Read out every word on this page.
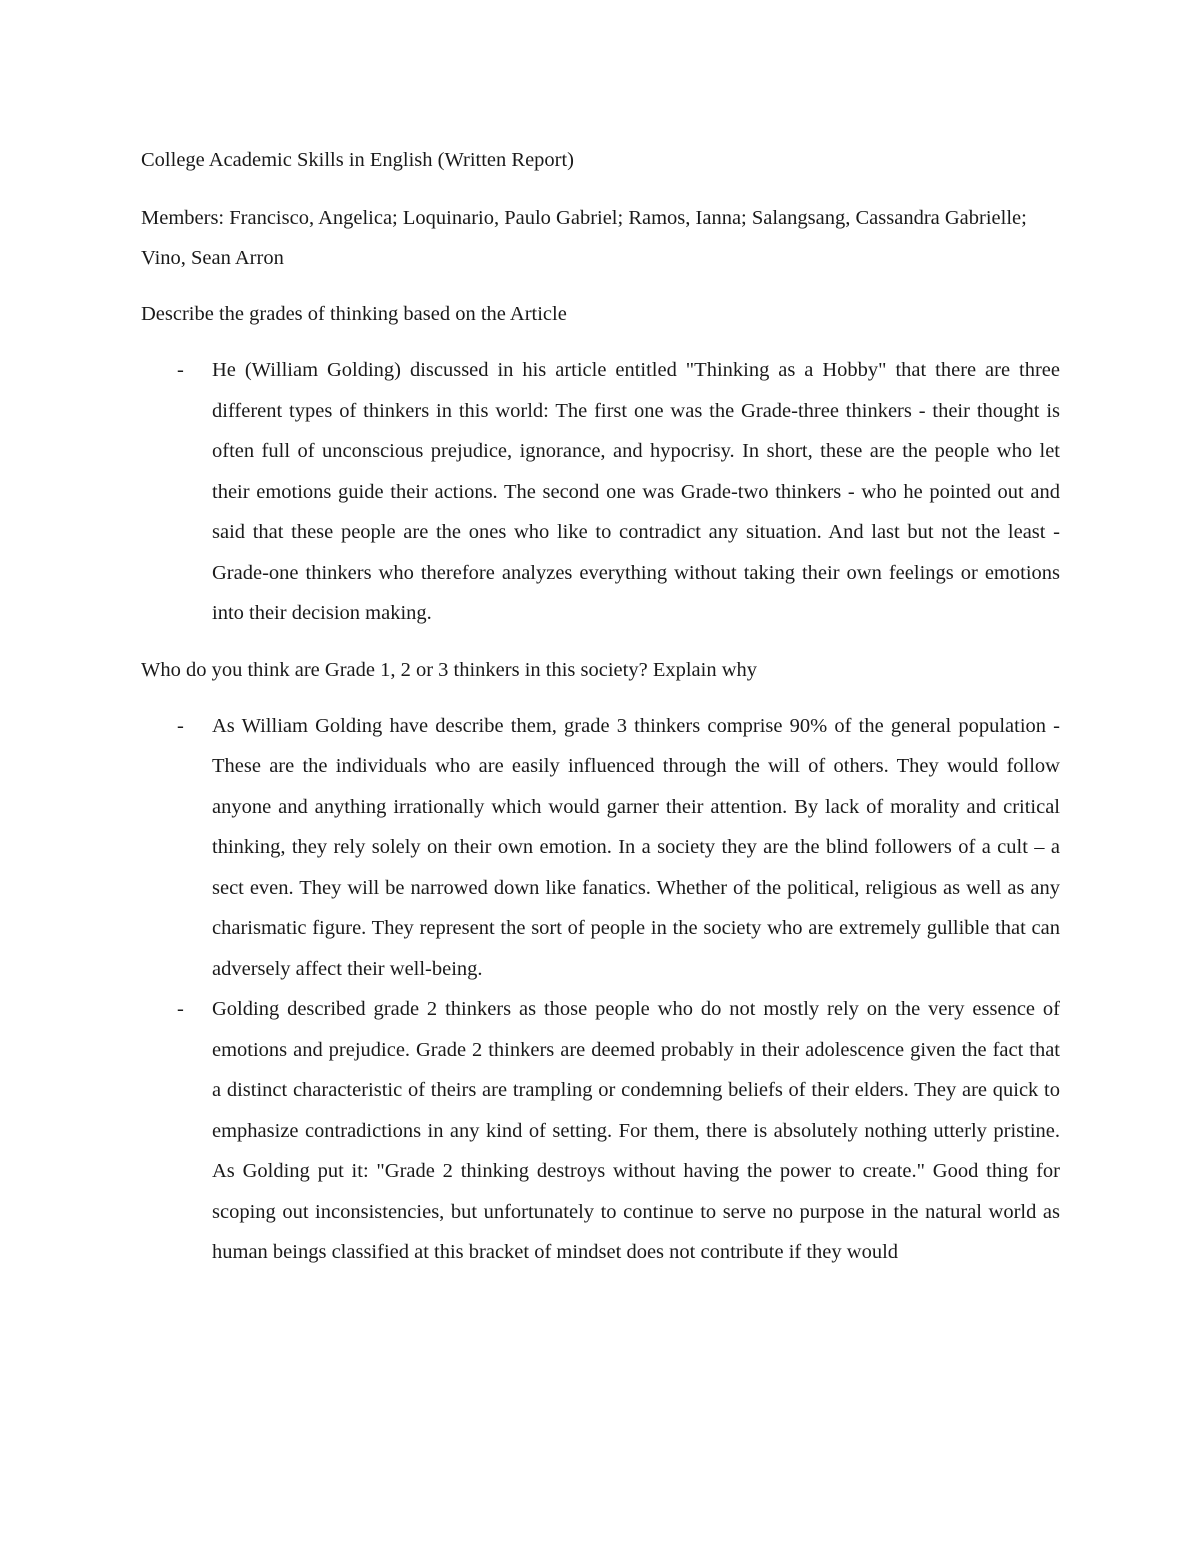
College Academic Skills in English (Written Report)

Members: Francisco, Angelica; Loquinario, Paulo Gabriel; Ramos, Ianna; Salangsang, Cassandra Gabrielle; Vino, Sean Arron

Describe the grades of thinking based on the Article

- He (William Golding) discussed in his article entitled "Thinking as a Hobby" that there are three different types of thinkers in this world: The first one was the Grade-three thinkers - their thought is often full of unconscious prejudice, ignorance, and hypocrisy. In short, these are the people who let their emotions guide their actions. The second one was Grade-two thinkers - who he pointed out and said that these people are the ones who like to contradict any situation. And last but not the least - Grade-one thinkers who therefore analyzes everything without taking their own feelings or emotions into their decision making.

Who do you think are Grade 1, 2 or 3 thinkers in this society? Explain why

- As William Golding have describe them, grade 3 thinkers comprise 90% of the general population - These are the individuals who are easily influenced through the will of others. They would follow anyone and anything irrationally which would garner their attention. By lack of morality and critical thinking, they rely solely on their own emotion. In a society they are the blind followers of a cult – a sect even. They will be narrowed down like fanatics. Whether of the political, religious as well as any charismatic figure. They represent the sort of people in the society who are extremely gullible that can adversely affect their well-being.
- Golding described grade 2 thinkers as those people who do not mostly rely on the very essence of emotions and prejudice. Grade 2 thinkers are deemed probably in their adolescence given the fact that a distinct characteristic of theirs are trampling or condemning beliefs of their elders. They are quick to emphasize contradictions in any kind of setting. For them, there is absolutely nothing utterly pristine. As Golding put it: "Grade 2 thinking destroys without having the power to create." Good thing for scoping out inconsistencies, but unfortunately to continue to serve no purpose in the natural world as human beings classified at this bracket of mindset does not contribute if they would
